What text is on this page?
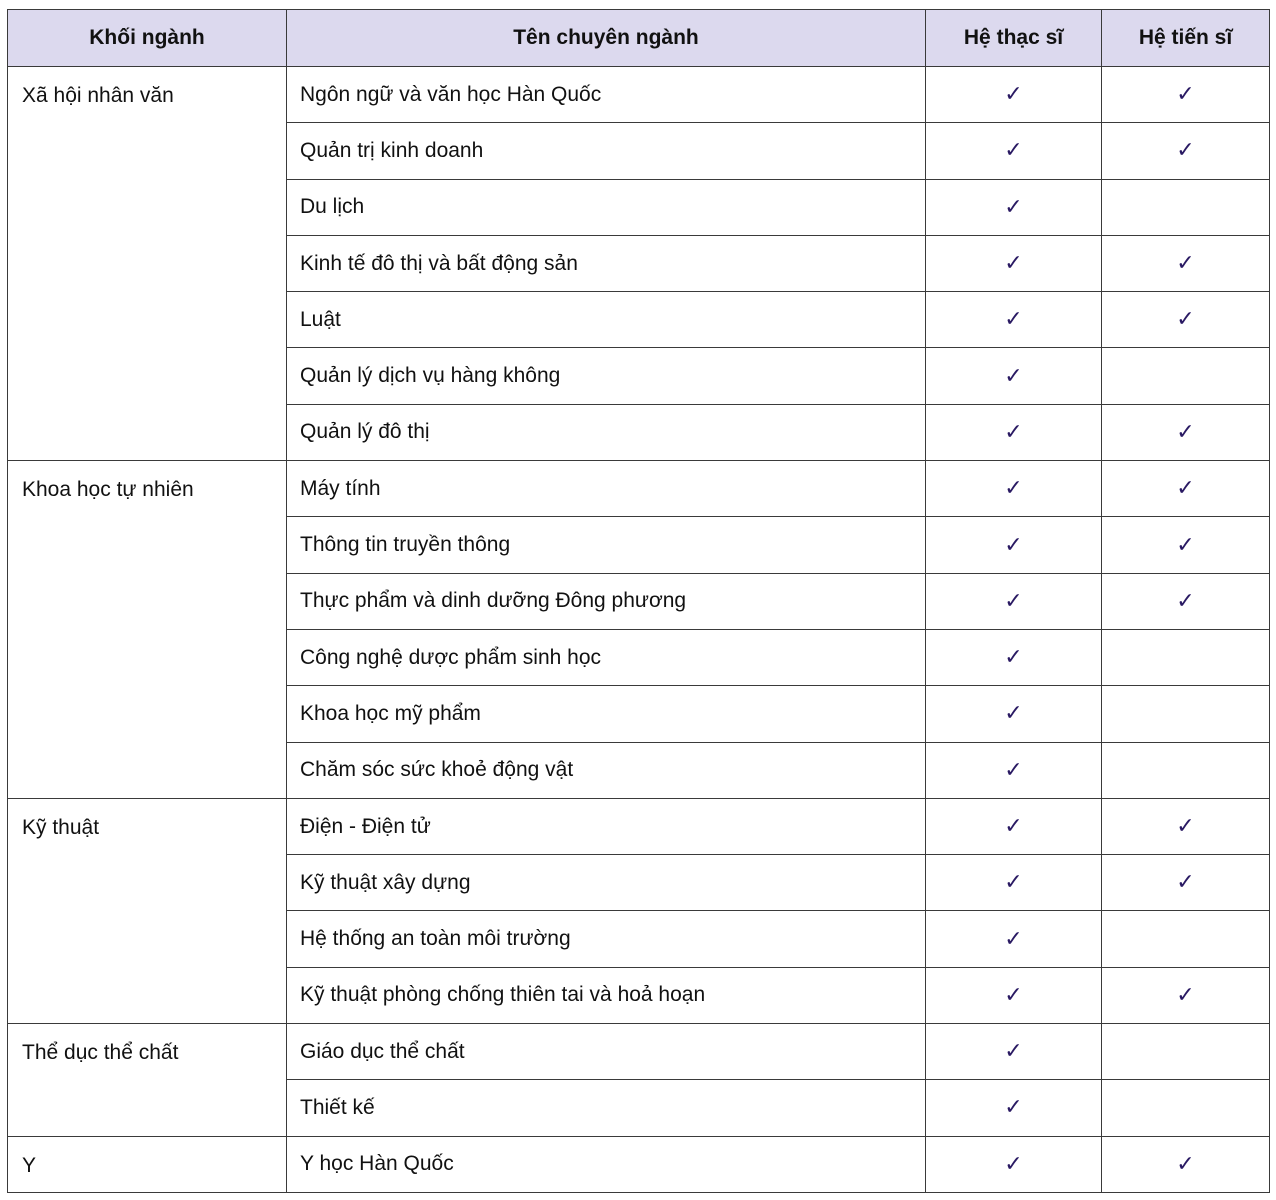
Khối ngành	Tên chuyên ngành	Hệ thạc sĩ	Hệ tiến sĩ
Xã hội nhân văn	Ngôn ngữ và văn học Hàn Quốc	✓	✓
	Quản trị kinh doanh	✓	✓
	Du lịch	✓	
	Kinh tế đô thị và bất động sản	✓	✓
	Luật	✓	✓
	Quản lý dịch vụ hàng không	✓	
	Quản lý đô thị	✓	✓
Khoa học tự nhiên	Máy tính	✓	✓
	Thông tin truyền thông	✓	✓
	Thực phẩm và dinh dưỡng Đông phương	✓	✓
	Công nghệ dược phẩm sinh học	✓	
	Khoa học mỹ phẩm	✓	
	Chăm sóc sức khoẻ động vật	✓	
Kỹ thuật	Điện - Điện tử	✓	✓
	Kỹ thuật xây dựng	✓	✓
	Hệ thống an toàn môi trường	✓	
	Kỹ thuật phòng chống thiên tai và hoả hoạn	✓	✓
Thể dục thể chất	Giáo dục thể chất	✓	
	Thiết kế	✓	
Y	Y học Hàn Quốc	✓	✓
